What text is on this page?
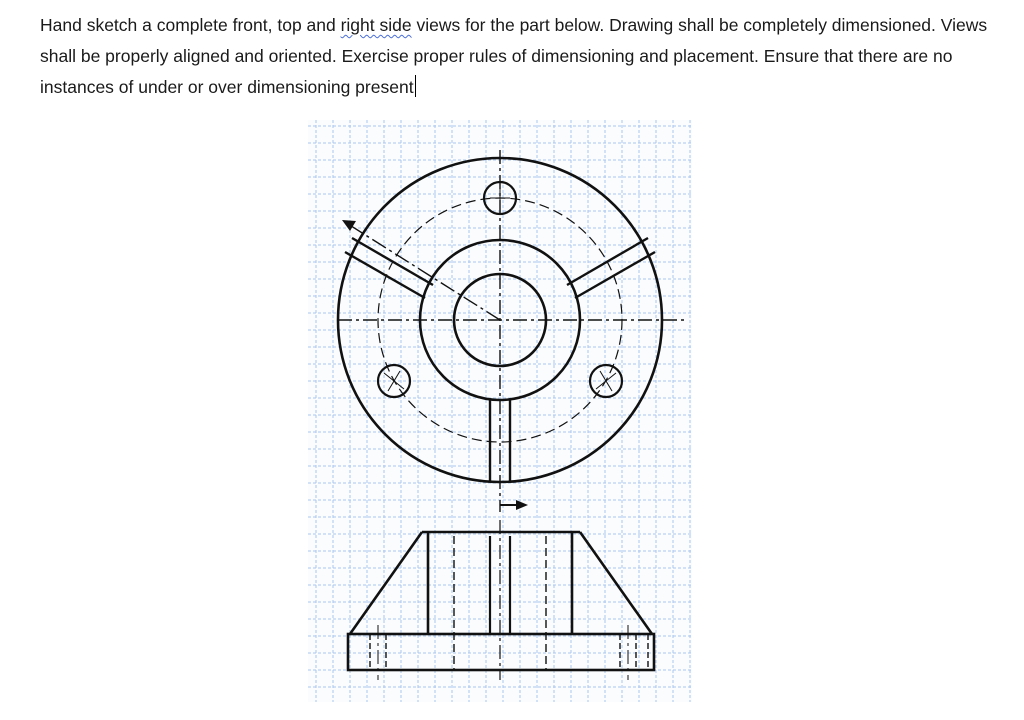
Hand sketch a complete front, top and right side views for the part below. Drawing shall be completely dimensioned. Views shall be properly aligned and oriented. Exercise proper rules of dimensioning and placement. Ensure that there are no instances of under or over dimensioning present
